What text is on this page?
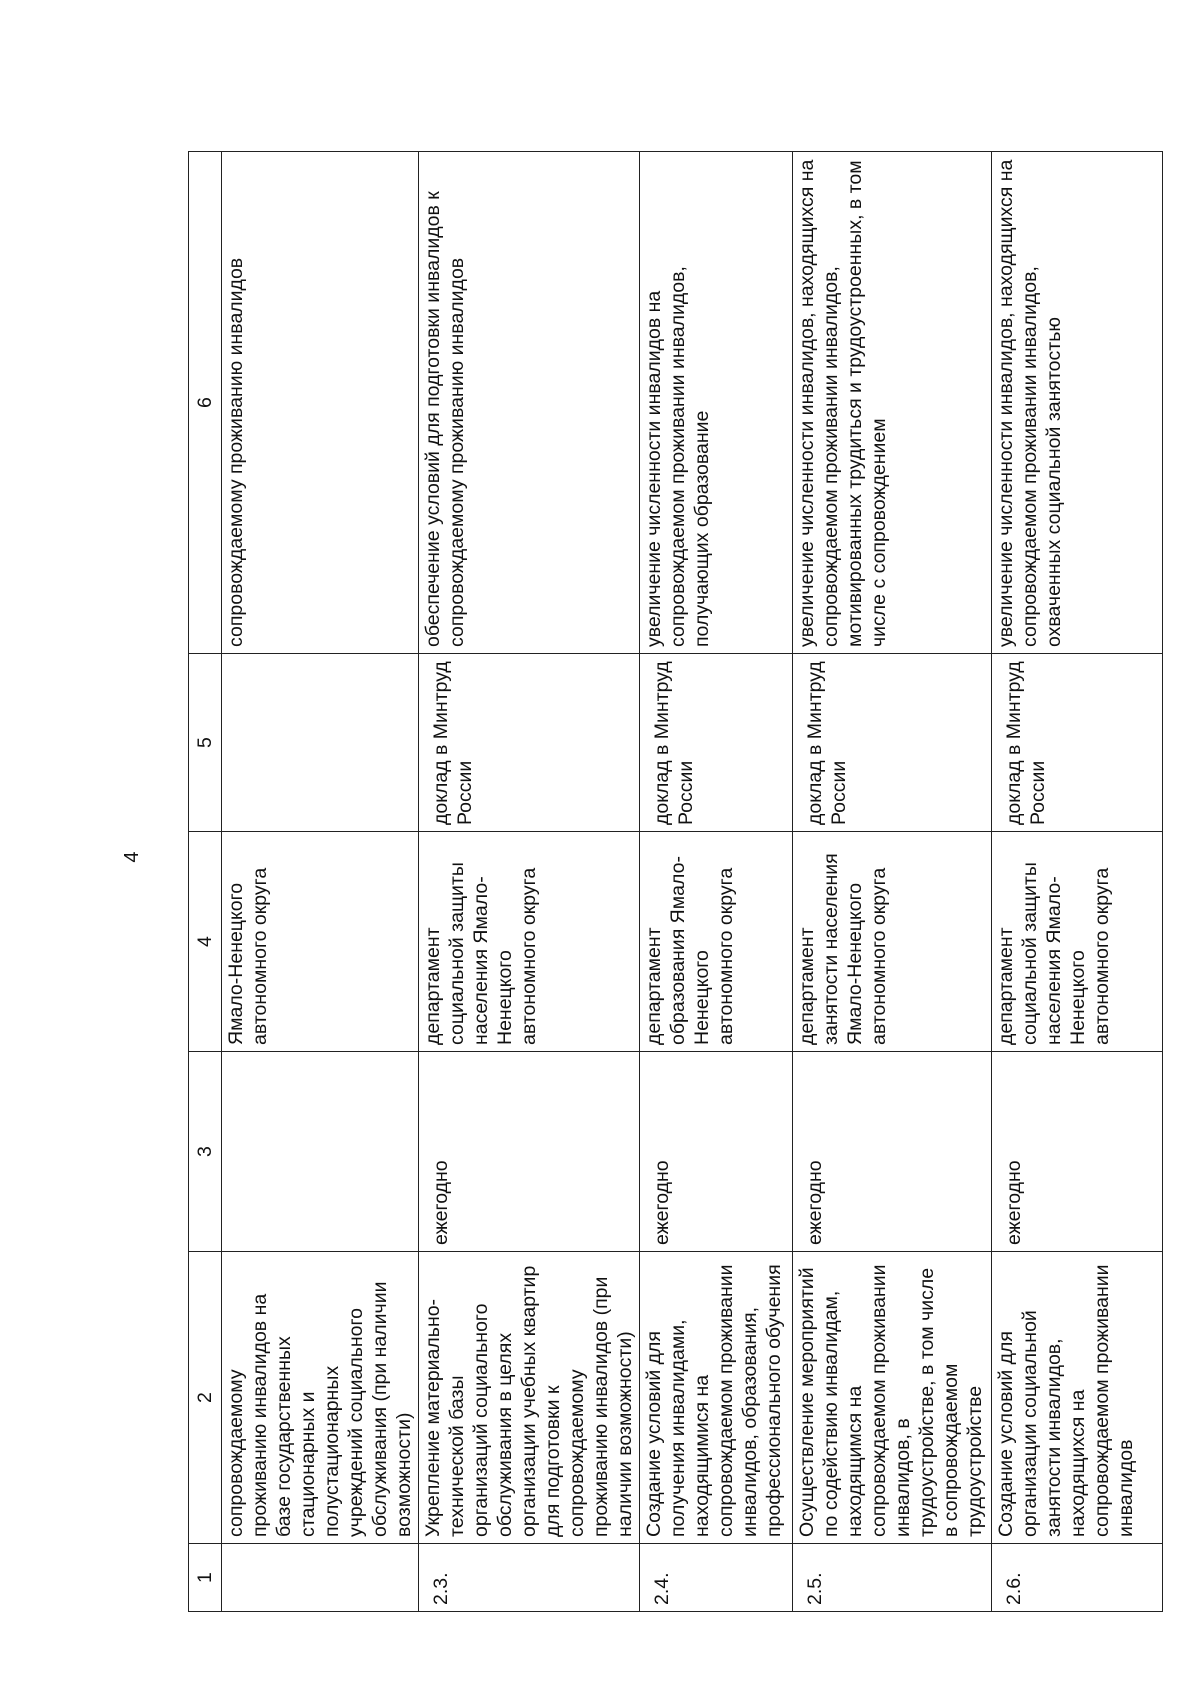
4
1	2	3	4	5	6
	сопровождаемому проживанию инвалидов на базе государственных стационарных и полустационарных учреждений социального обслуживания (при наличии возможности)		Ямало-Ненецкого автономного округа		сопровождаемому проживанию инвалидов
2.3.	Укрепление материально-технической базы организаций социального обслуживания в целях организации учебных квартир для подготовки к сопровождаемому проживанию инвалидов (при наличии возможности)	ежегодно	департамент социальной защиты населения Ямало-Ненецкого автономного округа	доклад в Минтруд России	обеспечение условий для подготовки инвалидов к сопровождаемому проживанию инвалидов
2.4.	Создание условий для получения инвалидами, находящимися на сопровождаемом проживании инвалидов, образования, профессионального обучения	ежегодно	департамент образования Ямало-Ненецкого автономного округа	доклад в Минтруд России	увеличение численности инвалидов на сопровождаемом проживании инвалидов, получающих образование
2.5.	Осуществление мероприятий по содействию инвалидам, находящимся на сопровождаемом проживании инвалидов, в трудоустройстве, в том числе в сопровождаемом трудоустройстве	ежегодно	департамент занятости населения Ямало-Ненецкого автономного округа	доклад в Минтруд России	увеличение численности инвалидов, находящихся на сопровождаемом проживании инвалидов, мотивированных трудиться и трудоустроенных, в том числе с сопровождением
2.6.	Создание условий для организации социальной занятости инвалидов, находящихся на сопровождаемом проживании инвалидов	ежегодно	департамент социальной защиты населения Ямало-Ненецкого автономного округа	доклад в Минтруд России	увеличение численности инвалидов, находящихся на сопровождаемом проживании инвалидов, охваченных социальной занятостью
